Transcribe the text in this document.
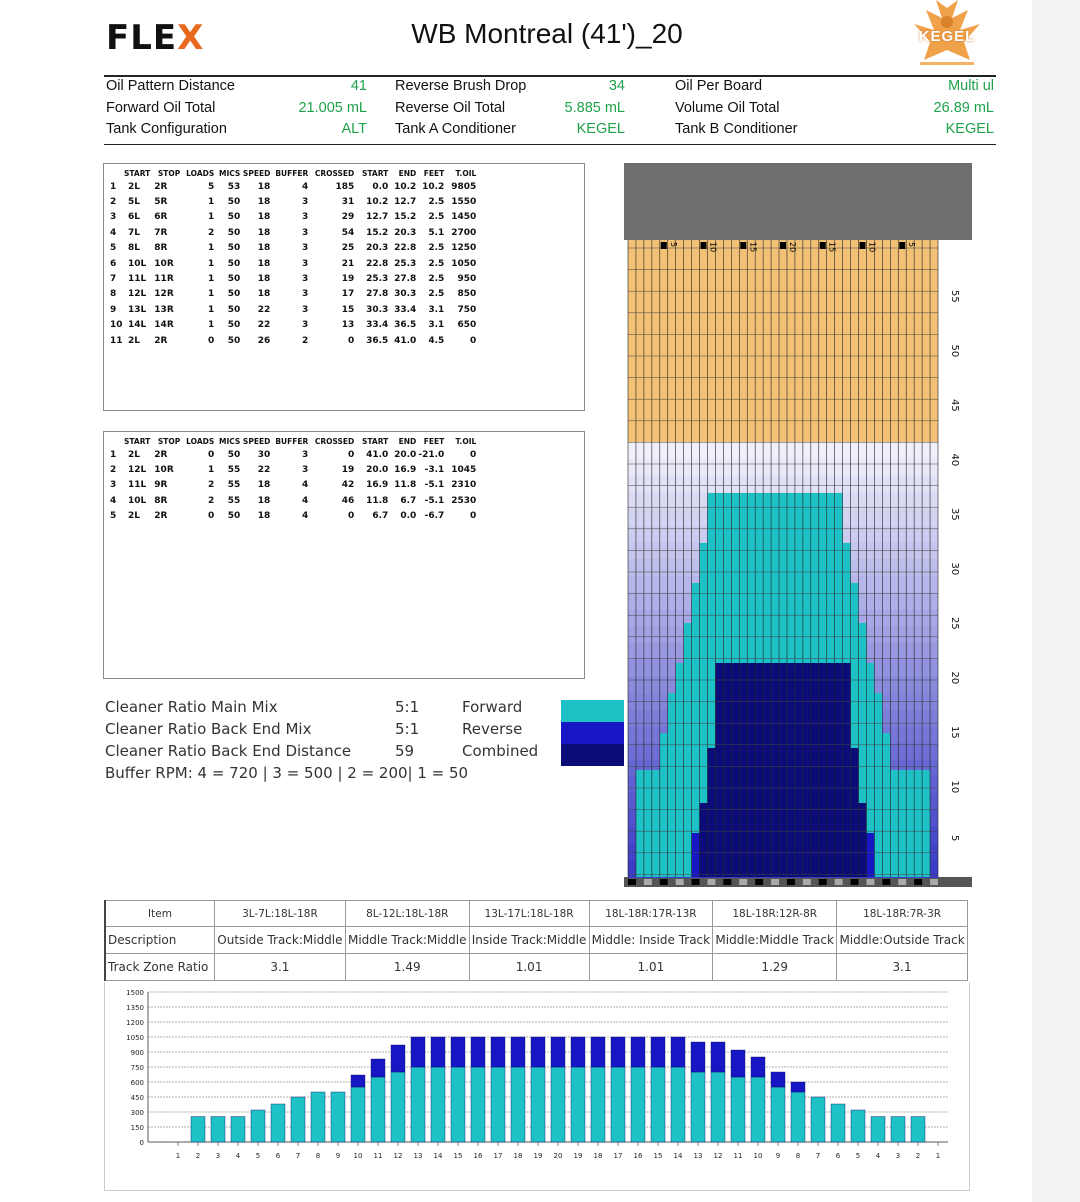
FLEX	WB Montreal (41')_20	KEGEL
Oil Pattern Distance	41
Forward Oil Total	21.005 mL
Tank Configuration	ALT
Reverse Brush Drop	34
Reverse Oil Total	5.885 mL
Tank A Conditioner	KEGEL
Oil Per Board	Multi ul
Volume Oil Total	26.89 mL
Tank B Conditioner	KEGEL
	START	STOP	LOADS	MICS	SPEED	BUFFER	CROSSED	START	END	FEET	T.OIL
1	2L	2R	5	53	18	4	185	0.0	10.2	10.2	9805
2	5L	5R	1	50	18	3	31	10.2	12.7	2.5	1550
3	6L	6R	1	50	18	3	29	12.7	15.2	2.5	1450
4	7L	7R	2	50	18	3	54	15.2	20.3	5.1	2700
5	8L	8R	1	50	18	3	25	20.3	22.8	2.5	1250
6	10L	10R	1	50	18	3	21	22.8	25.3	2.5	1050
7	11L	11R	1	50	18	3	19	25.3	27.8	2.5	950
8	12L	12R	1	50	18	3	17	27.8	30.3	2.5	850
9	13L	13R	1	50	22	3	15	30.3	33.4	3.1	750
10	14L	14R	1	50	22	3	13	33.4	36.5	3.1	650
11	2L	2R	0	50	26	2	0	36.5	41.0	4.5	0
	START	STOP	LOADS	MICS	SPEED	BUFFER	CROSSED	START	END	FEET	T.OIL
1	2L	2R	0	50	30	3	0	41.0	20.0	-21.0	0
2	12L	10R	1	55	22	3	19	20.0	16.9	-3.1	1045
3	11L	9R	2	55	18	4	42	16.9	11.8	-5.1	2310
4	10L	8R	2	55	18	4	46	11.8	6.7	-5.1	2530
5	2L	2R	0	50	18	4	0	6.7	0.0	-6.7	0
Cleaner Ratio Main Mix	5:1	Forward
Cleaner Ratio Back End Mix	5:1	Reverse
Cleaner Ratio Back End Distance	59	Combined
Buffer RPM: 4 = 720 | 3 = 500 | 2 = 200| 1 = 50
5	10	15	20	15	10	5
55
50
45
40
35
30
25
20
15
10
5
Item	3L-7L:18L-18R	8L-12L:18L-18R	13L-17L:18L-18R	18L-18R:17R-13R	18L-18R:12R-8R	18L-18R:7R-3R
Description	Outside Track:Middle	Middle Track:Middle	Inside Track:Middle	Middle: Inside Track	Middle:Middle Track	Middle:Outside Track
Track Zone Ratio	3.1	1.49	1.01	1.01	1.29	3.1
1500
1350
1200
1050
900
750
600
450
300
150
0
1 2 3 4 5 6 7 8 9 10 11 12 13 14 15 16 17 18 19 20 19 18 17 16 15 14 13 12 11 10 9 8 7 6 5 4 3 2 1
